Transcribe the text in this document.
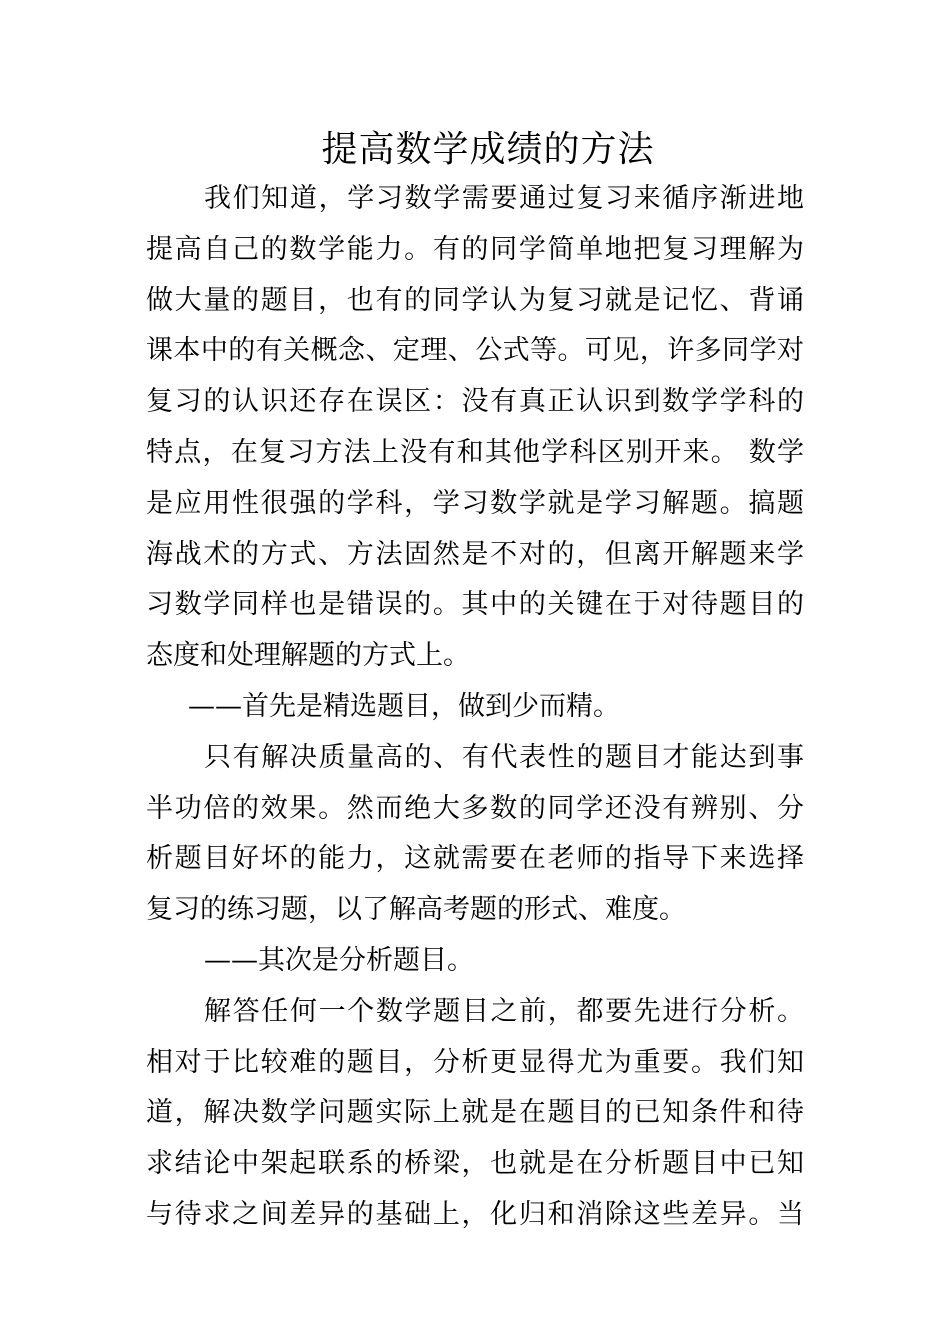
提高数学成绩的方法
我们知道，学习数学需要通过复习来循序渐进地
提高自己的数学能力。有的同学简单地把复习理解为
做大量的题目，也有的同学认为复习就是记忆、背诵
课本中的有关概念、定理、公式等。可见，许多同学对
复习的认识还存在误区：没有真正认识到数学学科的
特点，在复习方法上没有和其他学科区别开来。 数学
是应用性很强的学科，学习数学就是学习解题。搞题
海战术的方式、方法固然是不对的，但离开解题来学
习数学同样也是错误的。其中的关键在于对待题目的
态度和处理解题的方式上。
——首先是精选题目，做到少而精。
只有解决质量高的、有代表性的题目才能达到事
半功倍的效果。然而绝大多数的同学还没有辨别、分
析题目好坏的能力，这就需要在老师的指导下来选择
复习的练习题，以了解高考题的形式、难度。
——其次是分析题目。
解答任何一个数学题目之前，都要先进行分析。
相对于比较难的题目，分析更显得尤为重要。我们知
道，解决数学问题实际上就是在题目的已知条件和待
求结论中架起联系的桥梁，也就是在分析题目中已知
与待求之间差异的基础上，化归和消除这些差异。当
